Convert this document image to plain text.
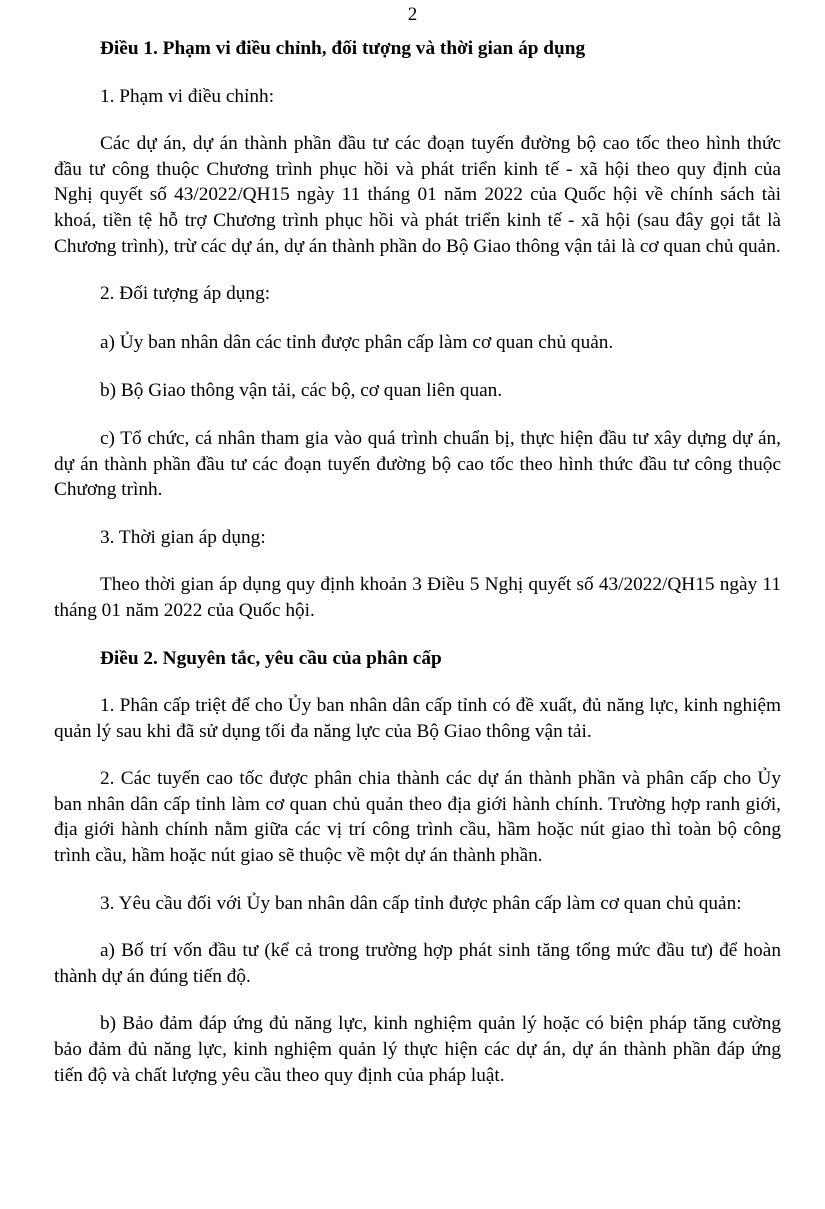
2

Điều 1. Phạm vi điều chỉnh, đối tượng và thời gian áp dụng

1. Phạm vi điều chỉnh:

Các dự án, dự án thành phần đầu tư các đoạn tuyến đường bộ cao tốc theo hình thức đầu tư công thuộc Chương trình phục hồi và phát triển kinh tế - xã hội theo quy định của Nghị quyết số 43/2022/QH15 ngày 11 tháng 01 năm 2022 của Quốc hội về chính sách tài khoá, tiền tệ hỗ trợ Chương trình phục hồi và phát triển kinh tế - xã hội (sau đây gọi tắt là Chương trình), trừ các dự án, dự án thành phần do Bộ Giao thông vận tải là cơ quan chủ quản.

2. Đối tượng áp dụng:

a) Ủy ban nhân dân các tỉnh được phân cấp làm cơ quan chủ quản.

b) Bộ Giao thông vận tải, các bộ, cơ quan liên quan.

c) Tổ chức, cá nhân tham gia vào quá trình chuẩn bị, thực hiện đầu tư xây dựng dự án, dự án thành phần đầu tư các đoạn tuyến đường bộ cao tốc theo hình thức đầu tư công thuộc Chương trình.

3. Thời gian áp dụng:

Theo thời gian áp dụng quy định khoản 3 Điều 5 Nghị quyết số 43/2022/QH15 ngày 11 tháng 01 năm 2022 của Quốc hội.

Điều 2. Nguyên tắc, yêu cầu của phân cấp

1. Phân cấp triệt để cho Ủy ban nhân dân cấp tỉnh có đề xuất, đủ năng lực, kinh nghiệm quản lý sau khi đã sử dụng tối đa năng lực của Bộ Giao thông vận tải.

2. Các tuyến cao tốc được phân chia thành các dự án thành phần và phân cấp cho Ủy ban nhân dân cấp tỉnh làm cơ quan chủ quản theo địa giới hành chính. Trường hợp ranh giới, địa giới hành chính nằm giữa các vị trí công trình cầu, hầm hoặc nút giao thì toàn bộ công trình cầu, hầm hoặc nút giao sẽ thuộc về một dự án thành phần.

3. Yêu cầu đối với Ủy ban nhân dân cấp tỉnh được phân cấp làm cơ quan chủ quản:

a) Bố trí vốn đầu tư (kể cả trong trường hợp phát sinh tăng tổng mức đầu tư) để hoàn thành dự án đúng tiến độ.

b) Bảo đảm đáp ứng đủ năng lực, kinh nghiệm quản lý hoặc có biện pháp tăng cường bảo đảm đủ năng lực, kinh nghiệm quản lý thực hiện các dự án, dự án thành phần đáp ứng tiến độ và chất lượng yêu cầu theo quy định của pháp luật.
